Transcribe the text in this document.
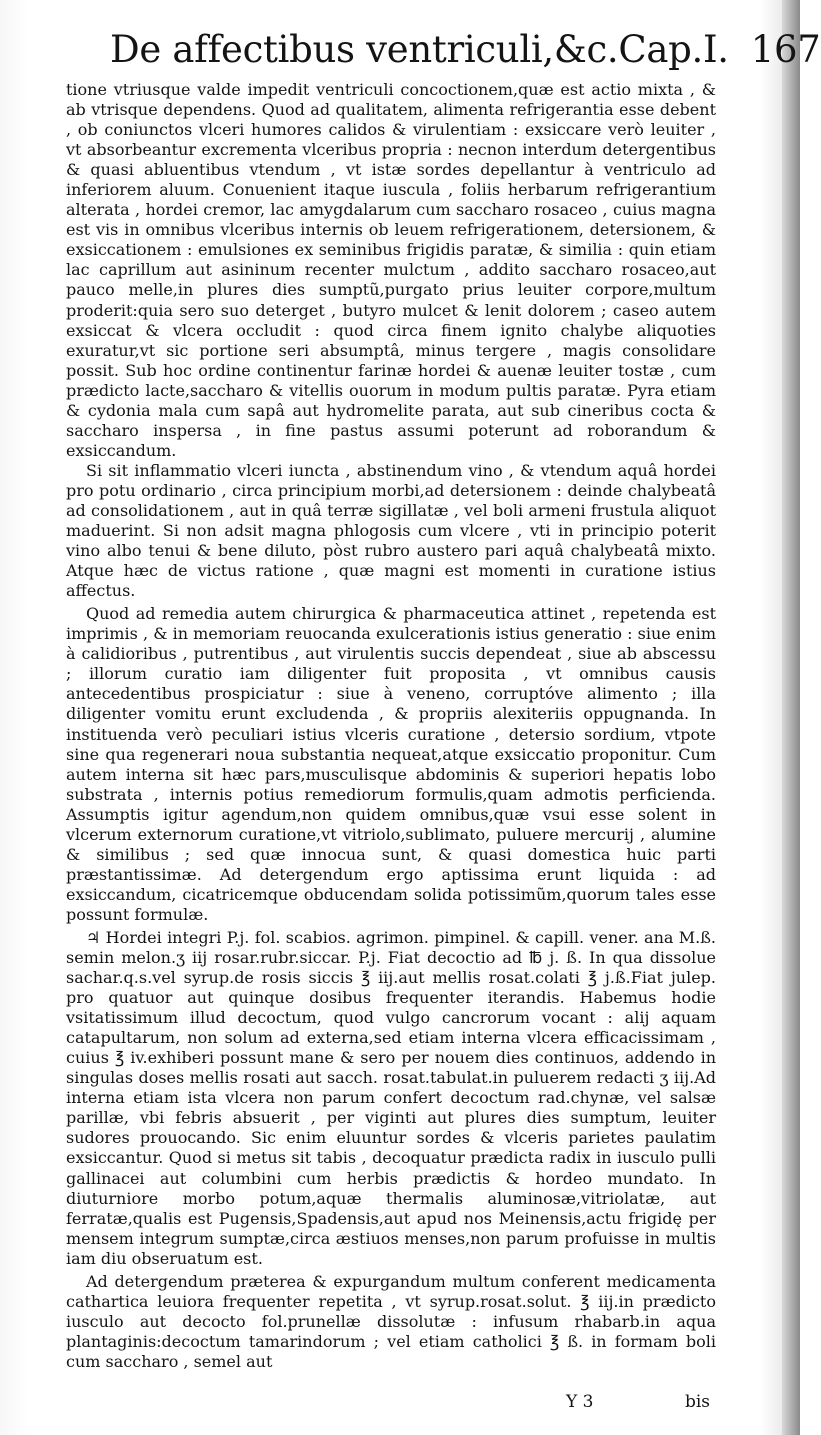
De affectibus ventriculi,&c.Cap.I. 167

tione vtriusque valde impedit ventriculi concoctionem,quæ est actio mixta , & ab vtrisque dependens. Quod ad qualitatem, alimenta refrigerantia esse debent , ob coniunctos vlceri humores calidos & virulentiam : exsiccare verò leuiter , vt absorbeantur excrementa vlceribus propria : necnon interdum detergentibus & quasi abluentibus vtendum , vt istæ sordes depellantur à ventriculo ad inferiorem aluum. Conuenient itaque iuscula , foliis herbarum refrigerantium alterata , hordei cremor, lac amygdalarum cum saccharo rosaceo , cuius magna est vis in omnibus vlceribus internis ob leuem refrigerationem, detersionem, & exsiccationem : emulsiones ex seminibus frigidis paratæ, & similia : quin etiam lac caprillum aut asininum recenter mulctum , addito saccharo rosaceo,aut pauco melle,in plures dies sumptũ,purgato prius leuiter corpore,multum proderit:quia sero suo deterget , butyro mulcet & lenit dolorem ; caseo autem exsiccat & vlcera occludit : quod circa finem ignito chalybe aliquoties exuratur,vt sic portione seri absumptâ, minus tergere , magis consolidare possit. Sub hoc ordine continentur farinæ hordei & auenæ leuiter tostæ , cum prædicto lacte,saccharo & vitellis ouorum in modum pultis paratæ. Pyra etiam & cydonia mala cum sapâ aut hydromelite parata, aut sub cineribus cocta & saccharo inspersa , in fine pastus assumi poterunt ad roborandum & exsiccandum.

Si sit inflammatio vlceri iuncta , abstinendum vino , & vtendum aquâ hordei pro potu ordinario , circa principium morbi,ad detersionem : deinde chalybeatâ ad consolidationem , aut in quâ terræ sigillatæ , vel boli armeni frustula aliquot maduerint. Si non adsit magna phlogosis cum vlcere , vti in principio poterit vino albo tenui & bene diluto, pòst rubro austero pari aquâ chalybeatâ mixto. Atque hæc de victus ratione , quæ magni est momenti in curatione istius affectus.

Quod ad remedia autem chirurgica & pharmaceutica attinet , repetenda est imprimis , & in memoriam reuocanda exulcerationis istius generatio : siue enim à calidioribus , putrentibus , aut virulentis succis dependeat , siue ab abscessu ; illorum curatio iam diligenter fuit proposita , vt omnibus causis antecedentibus prospiciatur : siue à veneno, corruptóve alimento ; illa diligenter vomitu erunt excludenda , & propriis alexiteriis oppugnanda. In instituenda verò peculiari istius vlceris curatione , detersio sordium, vtpote sine qua regenerari noua substantia nequeat,atque exsiccatio proponitur. Cum autem interna sit hæc pars,musculisque abdominis & superiori hepatis lobo substrata , internis potius remediorum formulis,quam admotis perficienda. Assumptis igitur agendum,non quidem omnibus,quæ vsui esse solent in vlcerum externorum curatione,vt vitriolo,sublimato, puluere mercurij , alumine & similibus ; sed quæ innocua sunt, & quasi domestica huic parti præstantissimæ. Ad detergendum ergo aptissima erunt liquida : ad exsiccandum, cicatricemque obducendam solida potissimũm,quorum tales esse possunt formulæ.

♃ Hordei integri P.j. fol. scabios. agrimon. pimpinel. & capill. vener. ana M.ß. semin melon.ʒ iij rosar.rubr.siccar. P.j. Fiat decoctio ad ℔ j. ß. In qua dissolue sachar.q.s.vel syrup.de rosis siccis ℥ iij.aut mellis rosat.colati ℥ j.ß.Fiat julep. pro quatuor aut quinque dosibus frequenter iterandis. Habemus hodie vsitatissimum illud decoctum, quod vulgo cancrorum vocant : alij aquam catapultarum, non solum ad externa,sed etiam interna vlcera efficacissimam , cuius ℥ iv.exhiberi possunt mane & sero per nouem dies continuos, addendo in singulas doses mellis rosati aut sacch. rosat.tabulat.in puluerem redacti ʒ iij.Ad interna etiam ista vlcera non parum confert decoctum rad.chynæ, vel salsæ parillæ, vbi febris absuerit , per viginti aut plures dies sumptum, leuiter sudores prouocando. Sic enim eluuntur sordes & vlceris parietes paulatim exsiccantur. Quod si metus sit tabis , decoquatur prædicta radix in iusculo pulli gallinacei aut columbini cum herbis prædictis & hordeo mundato. In diuturniore morbo potum,aquæ thermalis aluminosæ,vitriolatæ, aut ferratæ,qualis est Pugensis,Spadensis,aut apud nos Meinensis,actu frigidę per mensem integrum sumptæ,circa æstiuos menses,non parum profuisse in multis iam diu obseruatum est.

Ad detergendum præterea & expurgandum multum conferent medicamenta cathartica leuiora frequenter repetita , vt syrup.rosat.solut. ℥ iij.in prædicto iusculo aut decocto fol.prunellæ dissolutæ : infusum rhabarb.in aqua plantaginis:decoctum tamarindorum ; vel etiam catholici ℥ ß. in formam boli cum saccharo , semel aut

Y 3	bis
